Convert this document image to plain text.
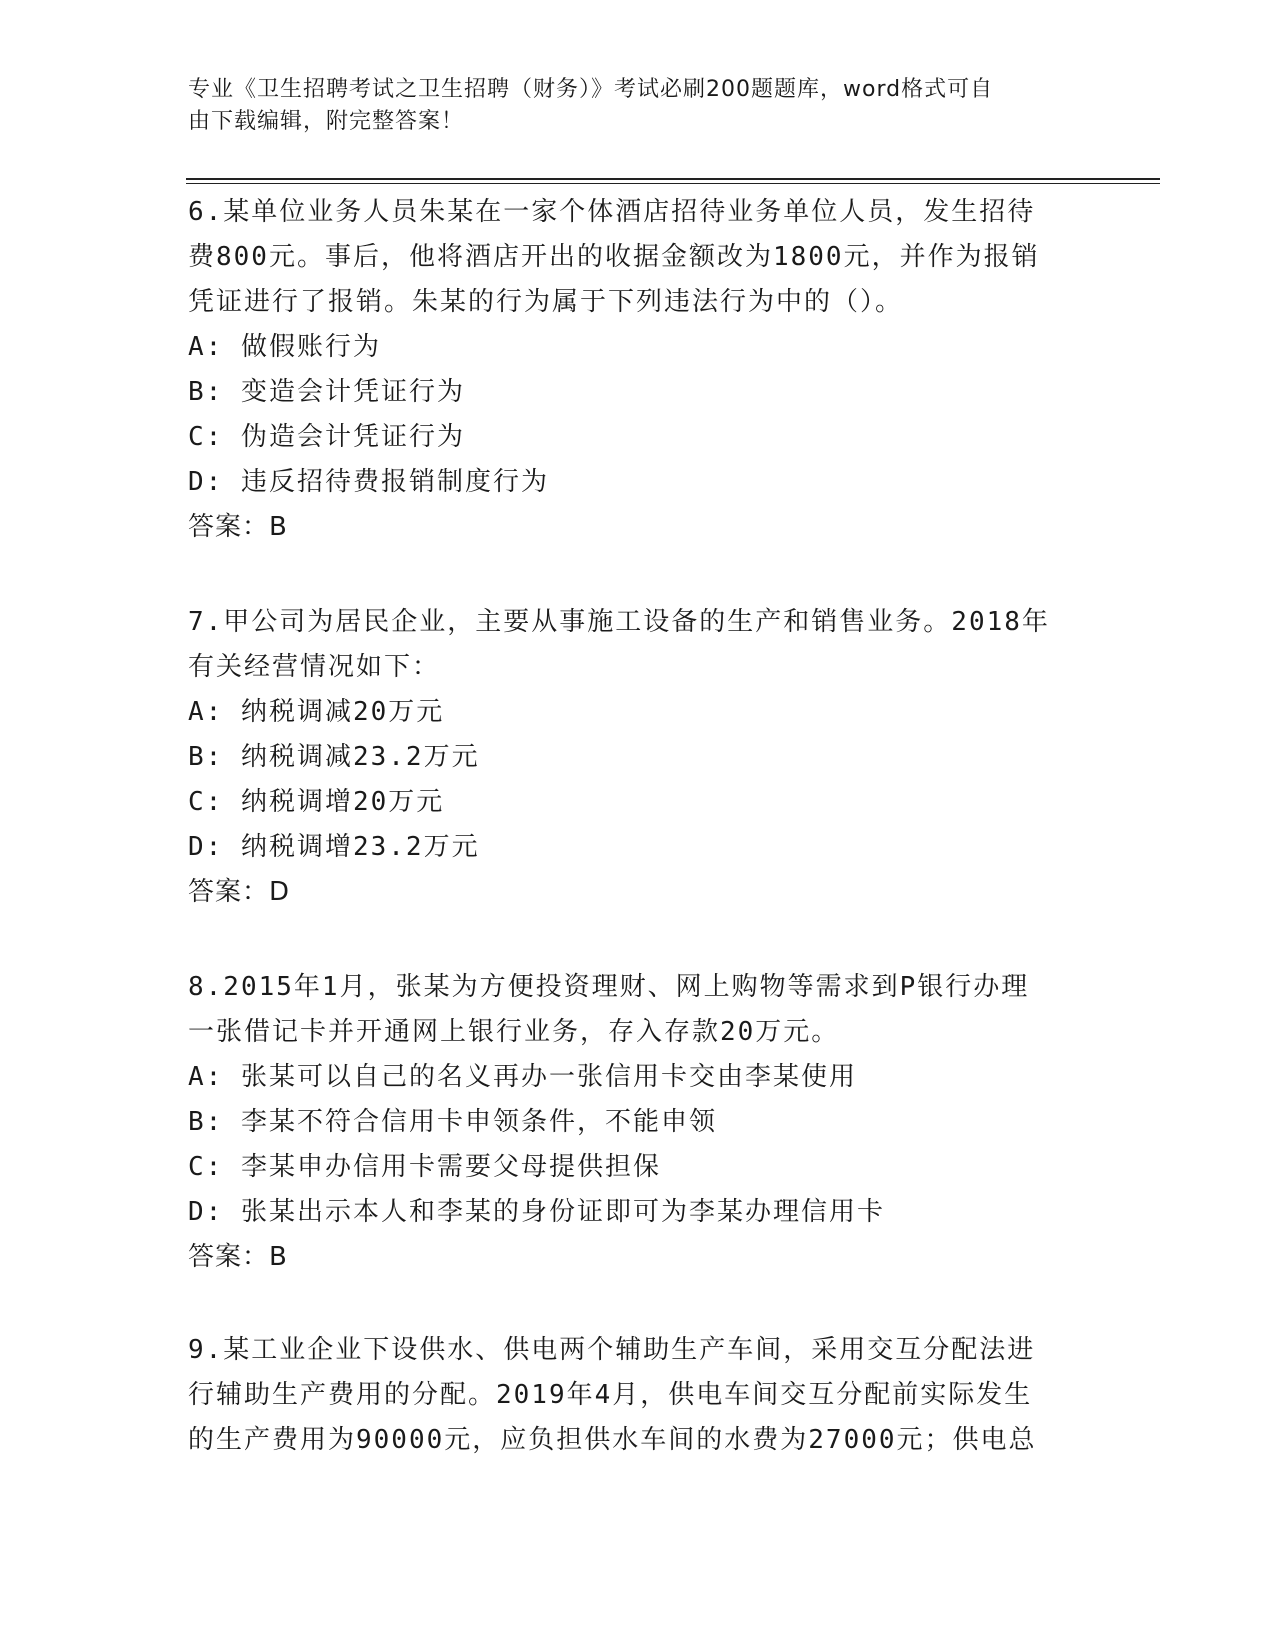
专业《卫生招聘考试之卫生招聘（财务）》考试必刷200题题库，word格式可自
由下载编辑，附完整答案！
6.某单位业务人员朱某在一家个体酒店招待业务单位人员，发生招待
费800元。事后，他将酒店开出的收据金额改为1800元，并作为报销
凭证进行了报销。朱某的行为属于下列违法行为中的（）。
A: 做假账行为
B: 变造会计凭证行为
C: 伪造会计凭证行为
D: 违反招待费报销制度行为
答案：B
7.甲公司为居民企业，主要从事施工设备的生产和销售业务。2018年
有关经营情况如下：
A: 纳税调减20万元
B: 纳税调减23.2万元
C: 纳税调增20万元
D: 纳税调增23.2万元
答案：D
8.2015年1月，张某为方便投资理财、网上购物等需求到P银行办理
一张借记卡并开通网上银行业务，存入存款20万元。
A: 张某可以自己的名义再办一张信用卡交由李某使用
B: 李某不符合信用卡申领条件，不能申领
C: 李某申办信用卡需要父母提供担保
D: 张某出示本人和李某的身份证即可为李某办理信用卡
答案：B
9.某工业企业下设供水、供电两个辅助生产车间，采用交互分配法进
行辅助生产费用的分配。2019年4月，供电车间交互分配前实际发生
的生产费用为90000元，应负担供水车间的水费为27000元；供电总
